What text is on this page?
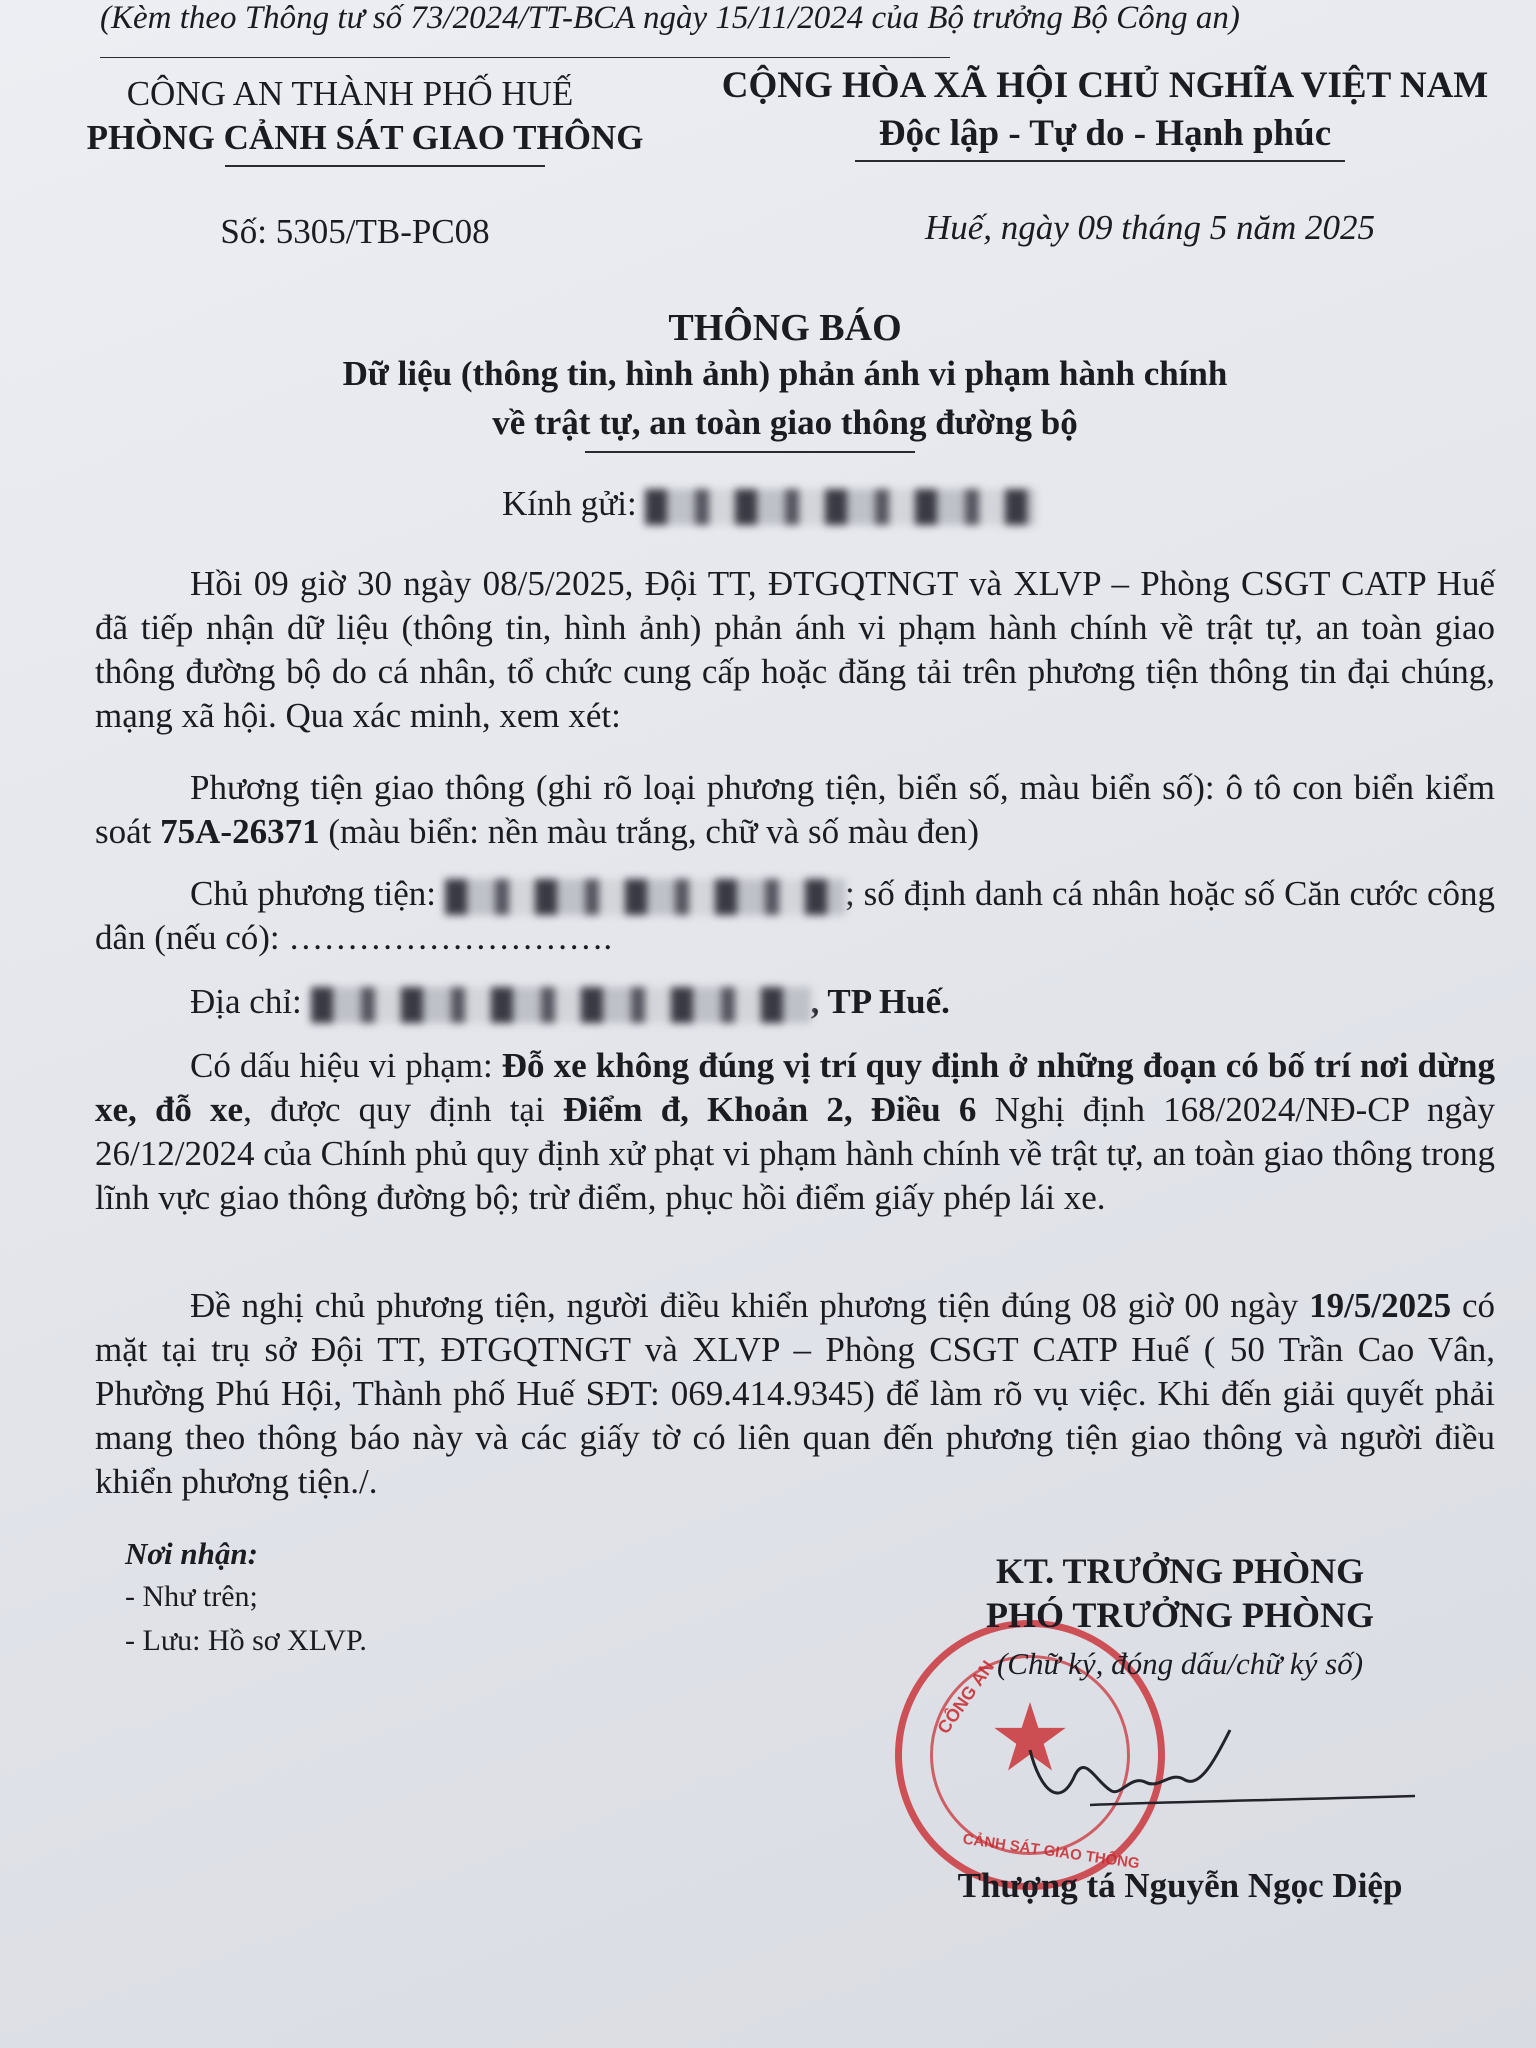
(Kèm theo Thông tư số 73/2024/TT-BCA ngày 15/11/2024 của Bộ trưởng Bộ Công an)
CÔNG AN THÀNH PHỐ HUẾ
PHÒNG CẢNH SÁT GIAO THÔNG
CỘNG HÒA XÃ HỘI CHỦ NGHĨA VIỆT NAM
Độc lập - Tự do - Hạnh phúc
Số: 5305/TB-PC08	Huế, ngày 09 tháng 5 năm 2025
THÔNG BÁO
Dữ liệu (thông tin, hình ảnh) phản ánh vi phạm hành chính
về trật tự, an toàn giao thông đường bộ
Kính gửi:
Hồi 09 giờ 30 ngày 08/5/2025, Đội TT, ĐTGQTNGT và XLVP – Phòng CSGT CATP Huế đã tiếp nhận dữ liệu (thông tin, hình ảnh) phản ánh vi phạm hành chính về trật tự, an toàn giao thông đường bộ do cá nhân, tổ chức cung cấp hoặc đăng tải trên phương tiện thông tin đại chúng, mạng xã hội. Qua xác minh, xem xét:
Phương tiện giao thông (ghi rõ loại phương tiện, biển số, màu biển số): ô tô con biển kiểm soát 75A-26371 (màu biển: nền màu trắng, chữ và số màu đen)
Chủ phương tiện:	; số định danh cá nhân hoặc số Căn cước công dân (nếu có): ……………………….
Địa chỉ:	, TP Huế.
Có dấu hiệu vi phạm: Đỗ xe không đúng vị trí quy định ở những đoạn có bố trí nơi dừng xe, đỗ xe, được quy định tại Điểm đ, Khoản 2, Điều 6 Nghị định 168/2024/NĐ-CP ngày 26/12/2024 của Chính phủ quy định xử phạt vi phạm hành chính về trật tự, an toàn giao thông trong lĩnh vực giao thông đường bộ; trừ điểm, phục hồi điểm giấy phép lái xe.
Đề nghị chủ phương tiện, người điều khiển phương tiện đúng 08 giờ 00 ngày 19/5/2025 có mặt tại trụ sở Đội TT, ĐTGQTNGT và XLVP – Phòng CSGT CATP Huế ( 50 Trần Cao Vân, Phường Phú Hội, Thành phố Huế SĐT: 069.414.9345) để làm rõ vụ việc. Khi đến giải quyết phải mang theo thông báo này và các giấy tờ có liên quan đến phương tiện giao thông và người điều khiển phương tiện./.
Nơi nhận:
- Như trên;
- Lưu: Hồ sơ XLVP.
CÔNG AN
CẢNH SÁT GIAO THÔNG
KT. TRƯỞNG PHÒNG
PHÓ TRƯỞNG PHÒNG
(Chữ ký, đóng dấu/chữ ký số)
Thượng tá Nguyễn Ngọc Diệp
